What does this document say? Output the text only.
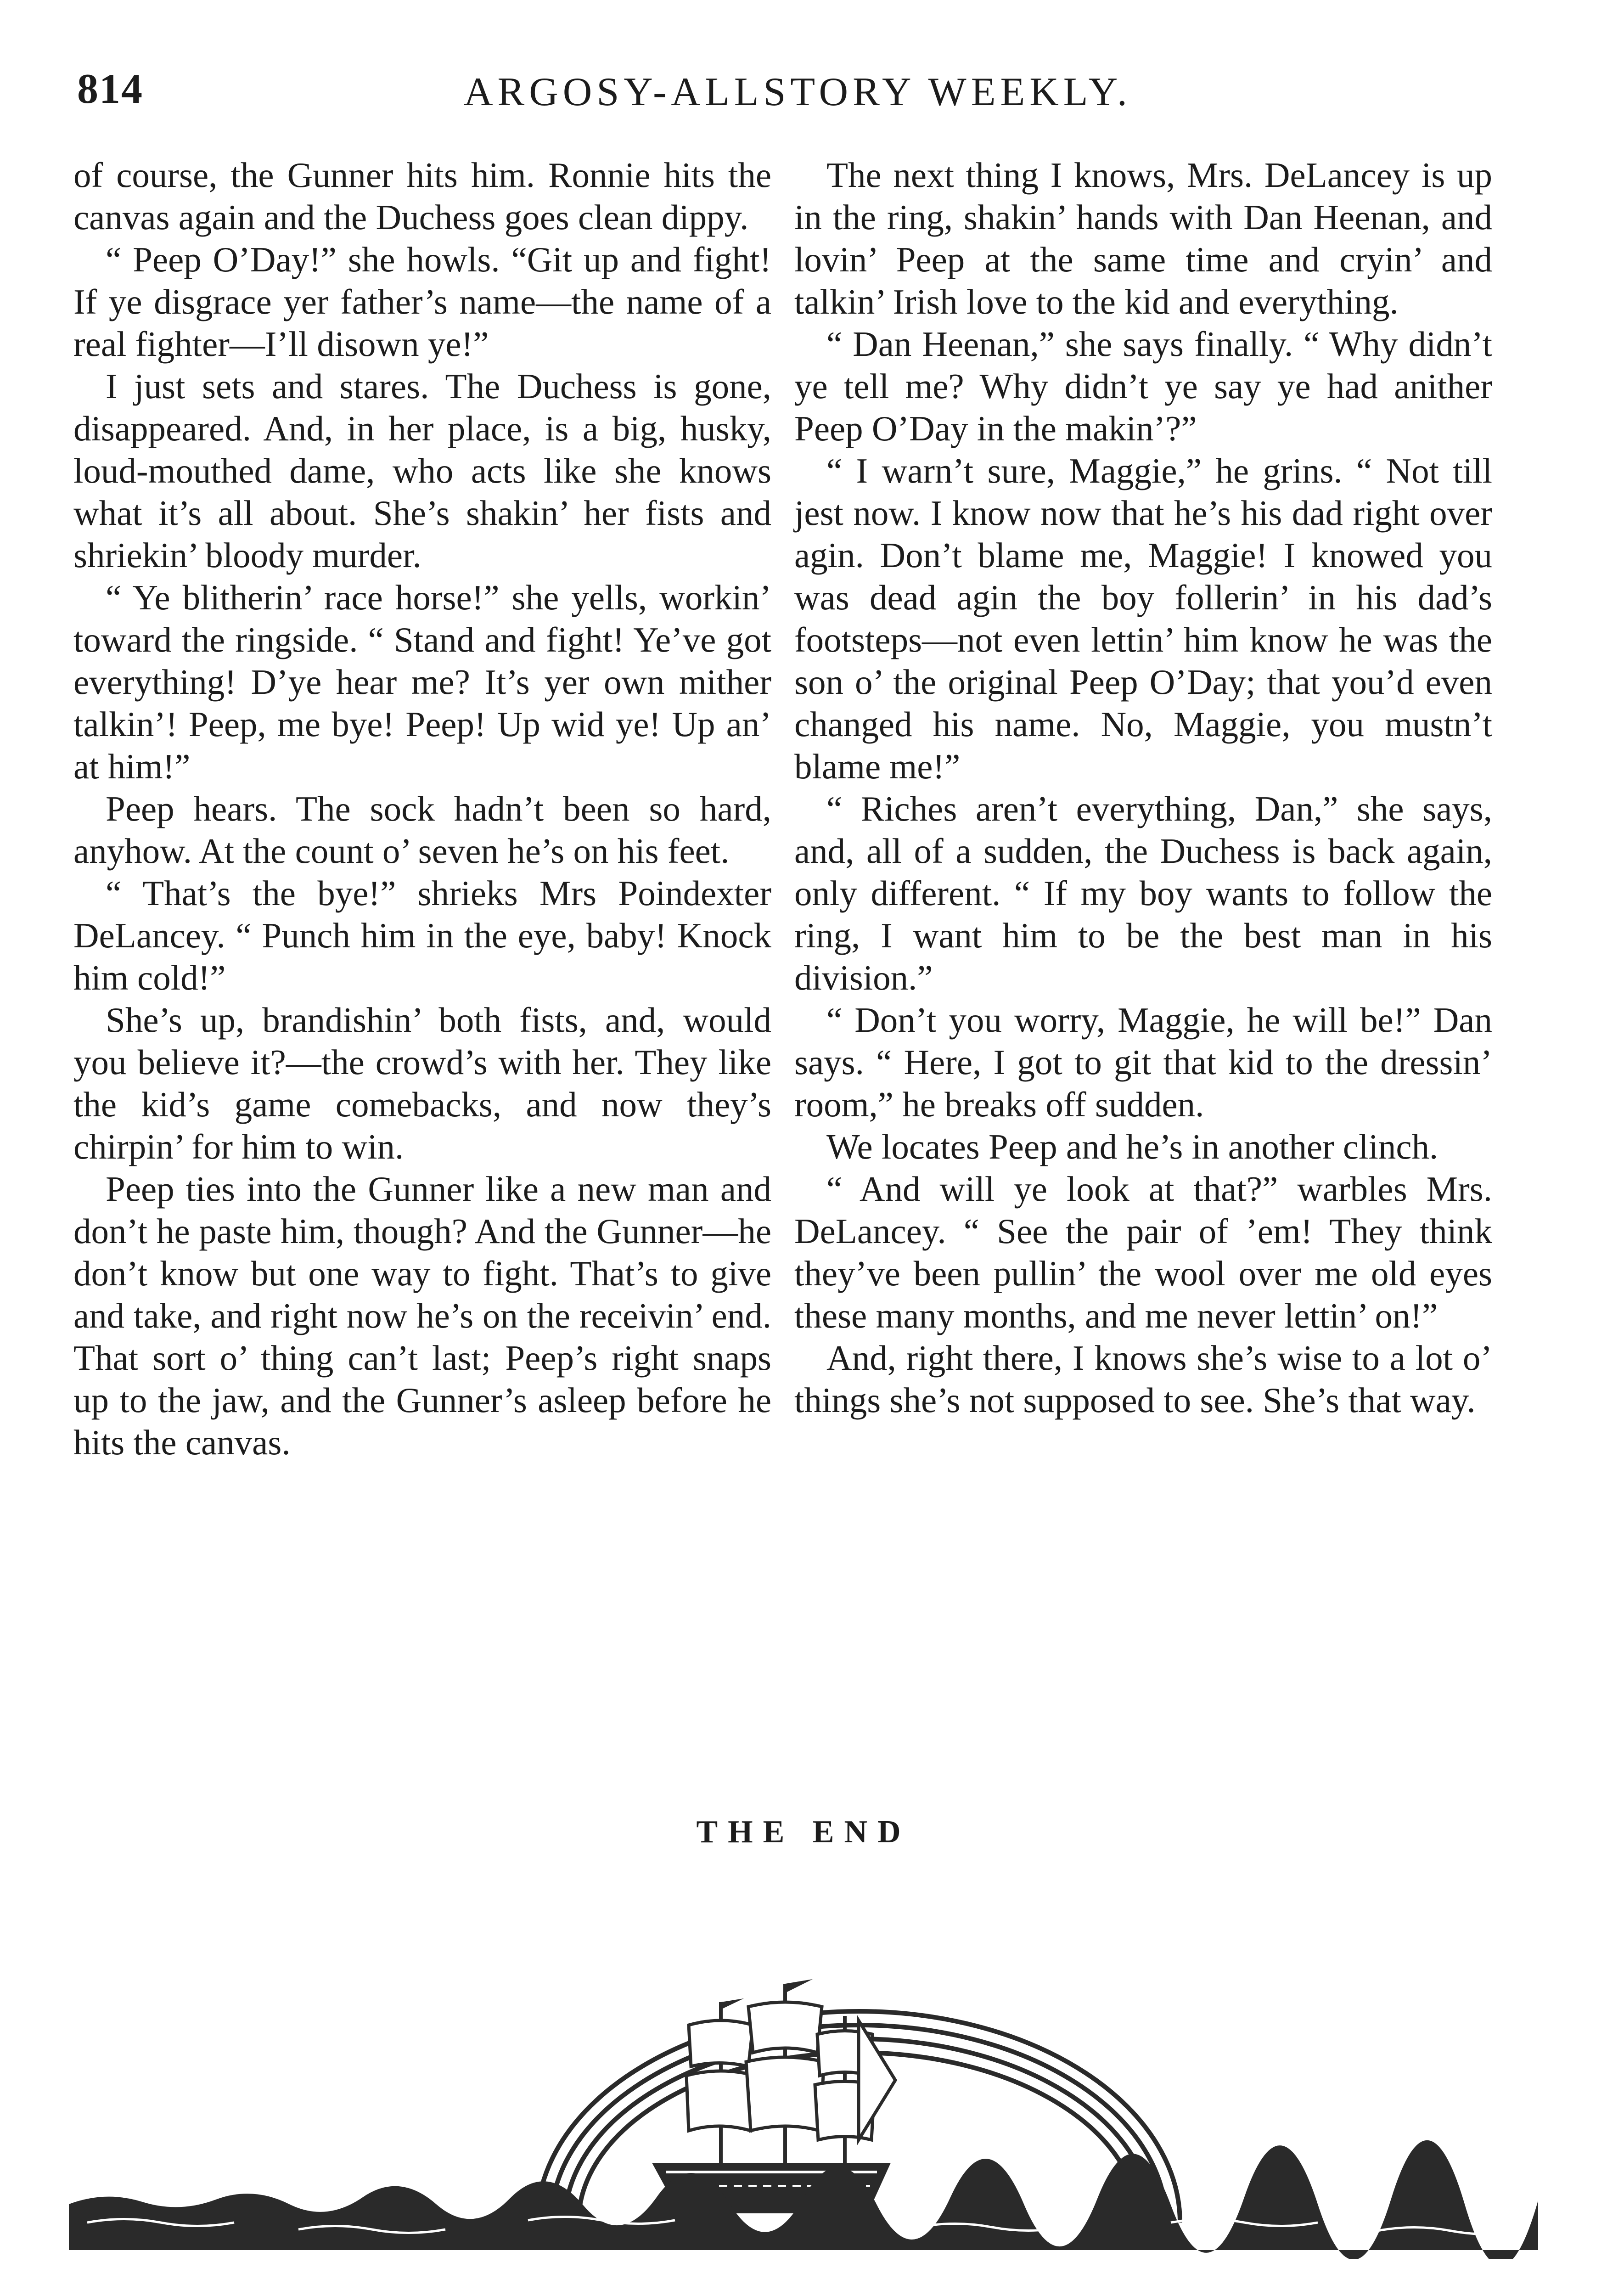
814	ARGOSY-ALLSTORY WEEKLY.

of course, the Gunner hits him. Ronnie hits the canvas again and the Duchess goes clean dippy.

“ Peep O’Day!” she howls. “Git up and fight! If ye disgrace yer father’s name—the name of a real fighter—I’ll disown ye!”

I just sets and stares. The Duchess is gone, disappeared. And, in her place, is a big, husky, loud-mouthed dame, who acts like she knows what it’s all about. She’s shakin’ her fists and shriekin’ bloody murder.

“ Ye blitherin’ race horse!” she yells, workin’ toward the ringside. “ Stand and fight! Ye’ve got everything! D’ye hear me? It’s yer own mither talkin’! Peep, me bye! Peep! Up wid ye! Up an’ at him!”

Peep hears. The sock hadn’t been so hard, anyhow. At the count o’ seven he’s on his feet.

“ That’s the bye!” shrieks Mrs Poindexter DeLancey. “ Punch him in the eye, baby! Knock him cold!”

She’s up, brandishin’ both fists, and, would you believe it?—the crowd’s with her. They like the kid’s game comebacks, and now they’s chirpin’ for him to win.

Peep ties into the Gunner like a new man and don’t he paste him, though? And the Gunner—he don’t know but one way to fight. That’s to give and take, and right now he’s on the receivin’ end. That sort o’ thing can’t last; Peep’s right snaps up to the jaw, and the Gunner’s asleep before he hits the canvas.

The next thing I knows, Mrs. DeLancey is up in the ring, shakin’ hands with Dan Heenan, and lovin’ Peep at the same time and cryin’ and talkin’ Irish love to the kid and everything.

“ Dan Heenan,” she says finally. “ Why didn’t ye tell me? Why didn’t ye say ye had anither Peep O’Day in the makin’?”

“ I warn’t sure, Maggie,” he grins. “ Not till jest now. I know now that he’s his dad right over agin. Don’t blame me, Maggie! I knowed you was dead agin the boy follerin’ in his dad’s footsteps—not even lettin’ him know he was the son o’ the original Peep O’Day; that you’d even changed his name. No, Maggie, you mustn’t blame me!”

“ Riches aren’t everything, Dan,” she says, and, all of a sudden, the Duchess is back again, only different. “ If my boy wants to follow the ring, I want him to be the best man in his division.”

“ Don’t you worry, Maggie, he will be!” Dan says. “ Here, I got to git that kid to the dressin’ room,” he breaks off sudden.

We locates Peep and he’s in another clinch.

“ And will ye look at that?” warbles Mrs. DeLancey. “ See the pair of ’em! They think they’ve been pullin’ the wool over me old eyes these many months, and me never lettin’ on!”

And, right there, I knows she’s wise to a lot o’ things she’s not supposed to see. She’s that way.

THE END
